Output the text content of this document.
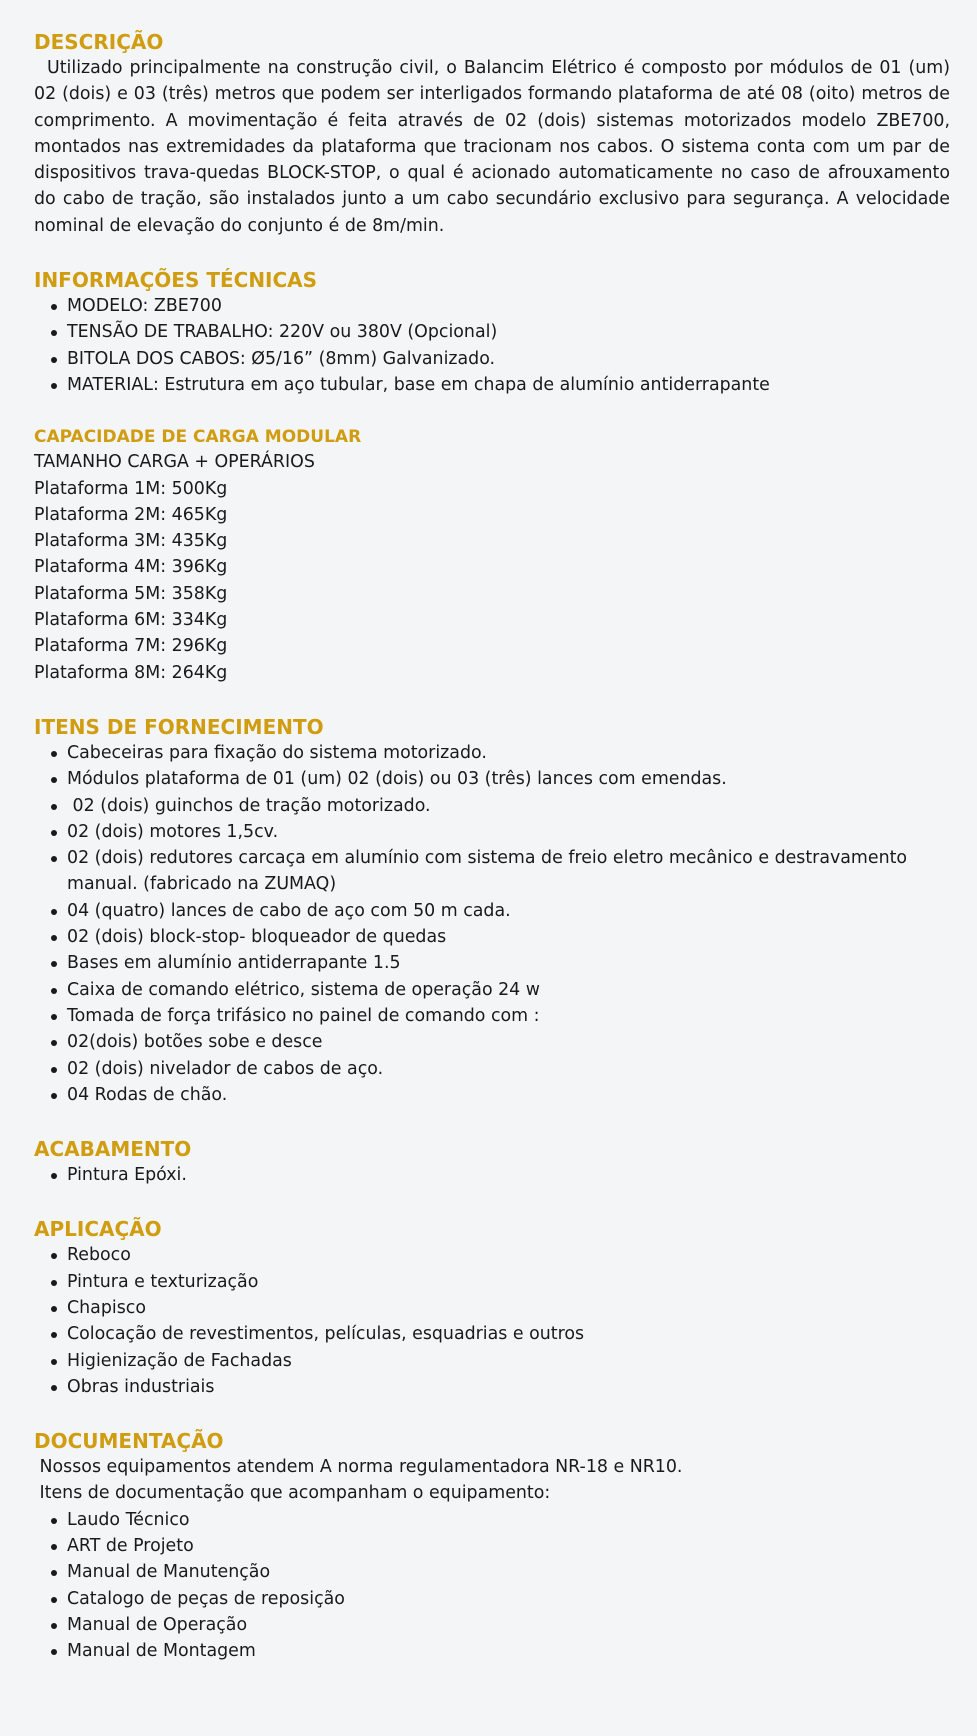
DESCRIÇÃO

Utilizado principalmente na construção civil, o Balancim Elétrico é composto por módulos de 01 (um) 02 (dois) e 03 (três) metros que podem ser interligados formando plataforma de até 08 (oito) metros de comprimento. A movimentação é feita através de 02 (dois) sistemas motorizados modelo ZBE700, montados nas extremidades da plataforma que tracionam nos cabos. O sistema conta com um par de dispositivos trava-quedas BLOCK-STOP, o qual é acionado automaticamente no caso de afrouxamento do cabo de tração, são instalados junto a um cabo secundário exclusivo para segurança. A velocidade nominal de elevação do conjunto é de 8m/min.

INFORMAÇÕES TÉCNICAS
MODELO: ZBE700
TENSÃO DE TRABALHO: 220V ou 380V (Opcional)
BITOLA DOS CABOS: Ø5/16” (8mm) Galvanizado.
MATERIAL: Estrutura em aço tubular, base em chapa de alumínio antiderrapante
CAPACIDADE DE CARGA MODULAR

TAMANHO CARGA + OPERÁRIOS

Plataforma 1M: 500Kg

Plataforma 2M: 465Kg

Plataforma 3M: 435Kg

Plataforma 4M: 396Kg

Plataforma 5M: 358Kg

Plataforma 6M: 334Kg

Plataforma 7M: 296Kg

Plataforma 8M: 264Kg

ITENS DE FORNECIMENTO
Cabeceiras para fixação do sistema motorizado.
Módulos plataforma de 01 (um) 02 (dois) ou 03 (três) lances com emendas.
02 (dois) guinchos de tração motorizado.
02 (dois) motores 1,5cv.
02 (dois) redutores carcaça em alumínio com sistema de freio eletro mecânico e destravamento manual. (fabricado na ZUMAQ)
04 (quatro) lances de cabo de aço com 50 m cada.
02 (dois) block-stop- bloqueador de quedas
Bases em alumínio antiderrapante 1.5
Caixa de comando elétrico, sistema de operação 24 w
Tomada de força trifásico no painel de comando com :
02(dois) botões sobe e desce
02 (dois) nivelador de cabos de aço.
04 Rodas de chão.
ACABAMENTO
Pintura Epóxi.
APLICAÇÃO
Reboco
Pintura e texturização
Chapisco
Colocação de revestimentos, películas, esquadrias e outros
Higienização de Fachadas
Obras industriais
DOCUMENTAÇÃO

Nossos equipamentos atendem A norma regulamentadora NR-18 e NR10.

Itens de documentação que acompanham o equipamento:

Laudo Técnico
ART de Projeto
Manual de Manutenção
Catalogo de peças de reposição
Manual de Operação
Manual de Montagem
